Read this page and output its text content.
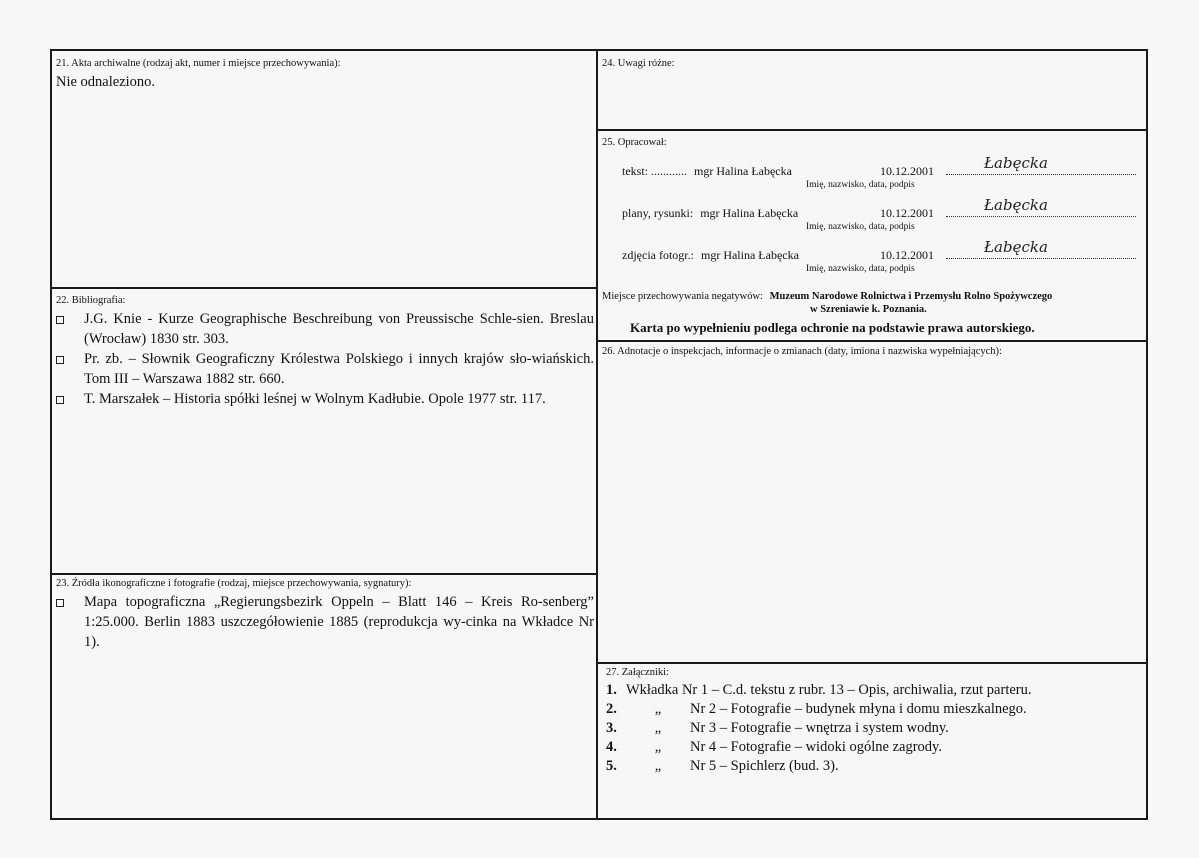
21. Akta archiwalne (rodzaj akt, numer i miejsce przechowywania):
Nie odnaleziono.
22. Bibliografia:
J.G. Knie - Kurze Geographische Beschreibung von Preussische Schle-sien. Breslau (Wrocław) 1830 str. 303.
Pr. zb. – Słownik Geograficzny Królestwa Polskiego i innych krajów sło-wiańskich. Tom III – Warszawa 1882 str. 660.
T. Marszałek – Historia spółki leśnej w Wolnym Kadłubie. Opole 1977 str. 117.
23. Źródła ikonograficzne i fotografie (rodzaj, miejsce przechowywania, sygnatury):
Mapa topograficzna „Regierungsbezirk Oppeln – Blatt 146 – Kreis Ro-senberg” 1:25.000. Berlin 1883 uszczegółowienie 1885 (reprodukcja wy-cinka na Wkładce Nr 1).
24. Uwagi różne:
25. Opracował:
tekst: ............ mgr Halina Łabęcka	10.12.2001	Łabęcka
Imię, nazwisko, data, podpis
plany, rysunki: mgr Halina Łabęcka	10.12.2001	Łabęcka
Imię, nazwisko, data, podpis
zdjęcia fotogr.: mgr Halina Łabęcka	10.12.2001	Łabęcka
Imię, nazwisko, data, podpis
Miejsce przechowywania negatywów: Muzeum Narodowe Rolnictwa i Przemysłu Rolno Spożywczego
w Szreniawie k. Poznania.
Karta po wypełnieniu podlega ochronie na podstawie prawa autorskiego.
26. Adnotacje o inspekcjach, informacje o zmianach (daty, imiona i nazwiska wypełniających):
27. Załączniki:
1. Wkładka Nr 1 – C.d. tekstu z rubr. 13 – Opis, archiwalia, rzut parteru.
2.	„ Nr 2 – Fotografie – budynek młyna i domu mieszkalnego.
3.	„ Nr 3 – Fotografie – wnętrza i system wodny.
4.	„ Nr 4 – Fotografie – widoki ogólne zagrody.
5.	„ Nr 5 – Spichlerz (bud. 3).
